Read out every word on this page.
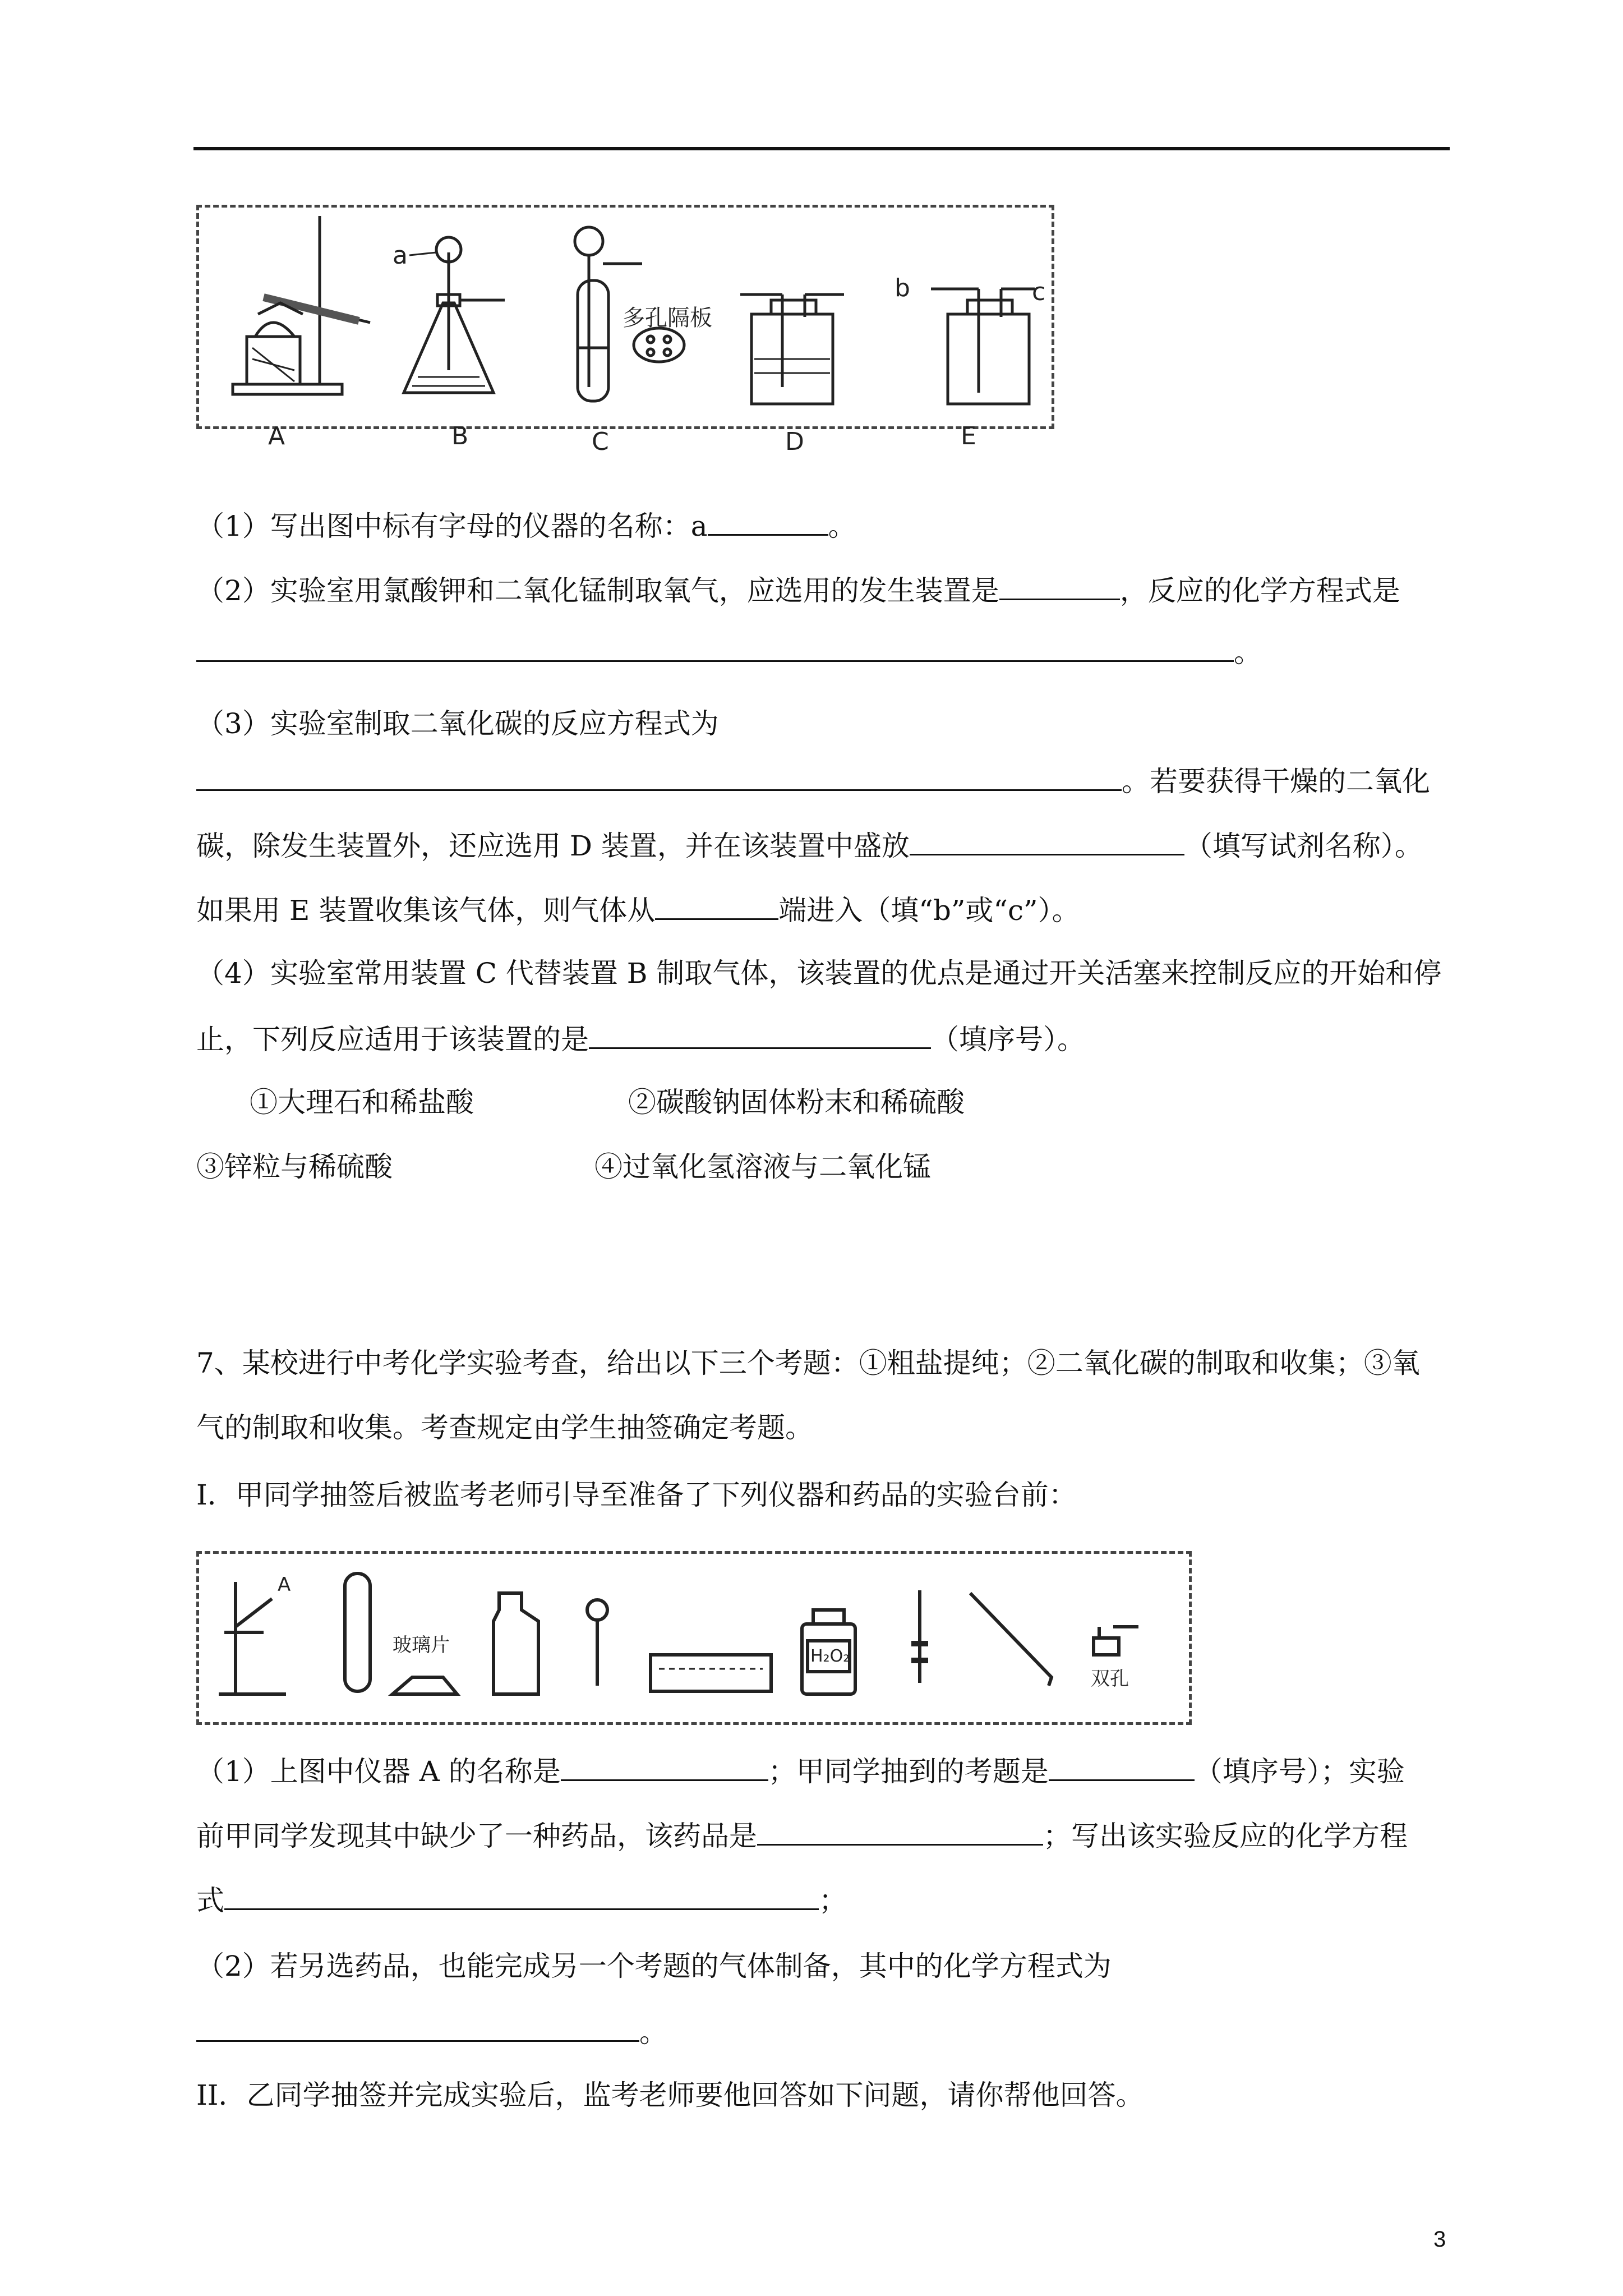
A	B	C	D	E
a
b	c
多孔隔板
（1）写出图中标有字母的仪器的名称：a	。
（2）实验室用氯酸钾和二氧化锰制取氧气，应选用的发生装置是	，反应的化学方程式是
。
（3）实验室制取二氧化碳的反应方程式为
。若要获得干燥的二氧化
碳，除发生装置外，还应选用 D 装置，并在该装置中盛放	（填写试剂名称）。
如果用 E 装置收集该气体，则气体从	端进入（填“b”或“c”）。
（4）实验室常用装置 C 代替装置 B 制取气体，该装置的优点是通过开关活塞来控制反应的开始和停
止，下列反应适用于该装置的是	（填序号）。
①大理石和稀盐酸	②碳酸钠固体粉末和稀硫酸
③锌粒与稀硫酸	④过氧化氢溶液与二氧化锰
7、某校进行中考化学实验考查，给出以下三个考题：①粗盐提纯；②二氧化碳的制取和收集；③氧
气的制取和收集。考查规定由学生抽签确定考题。
I．甲同学抽签后被监考老师引导至准备了下列仪器和药品的实验台前：
A
玻璃片	H₂O₂
双孔
（1）上图中仪器 A 的名称是	；甲同学抽到的考题是	（填序号）；实验
前甲同学发现其中缺少了一种药品，该药品是	；写出该实验反应的化学方程
式	；
（2）若另选药品，也能完成另一个考题的气体制备，其中的化学方程式为
。
II．乙同学抽签并完成实验后，监考老师要他回答如下问题，请你帮他回答。
3
